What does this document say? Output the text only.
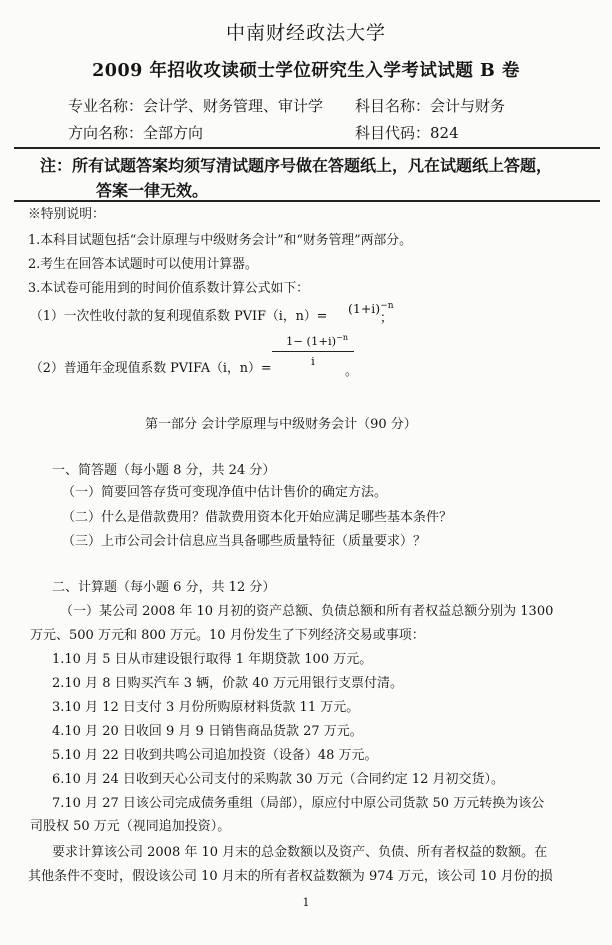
中南财经政法大学
2009 年招收攻读硕士学位研究生入学考试试题 B 卷
专业名称：会计学、财务管理、审计学 科目名称：会计与财务
方向名称：全部方向	科目代码：824
注：所有试题答案均须写清试题序号做在答题纸上，凡在试题纸上答题，
答案一律无效。
※特别说明：
1.本科目试题包括“会计原理与中级财务会计”和“财务管理”两部分。
2.考生在回答本试题时可以使用计算器。
3.本试卷可能用到的时间价值系数计算公式如下：
（1）一次性收付款的复利现值系数 PVIF（i，n）=
$(1+i)^{-n}$
；
（2）普通年金现值系数 PVIFA（i，n）=
$1- (1+i)^{-n}$
i
。
第一部分 会计学原理与中级财务会计（90 分）
一、简答题（每小题 8 分，共 24 分）
（一）简要回答存货可变现净值中估计售价的确定方法。
（二）什么是借款费用？借款费用资本化开始应满足哪些基本条件？
（三）上市公司会计信息应当具备哪些质量特征（质量要求）？
二、计算题（每小题 6 分，共 12 分）
（一）某公司 2008 年 10 月初的资产总额、负债总额和所有者权益总额分别为 1300
万元、500 万元和 800 万元。10 月份发生了下列经济交易或事项：
1.10 月 5 日从市建设银行取得 1 年期贷款 100 万元。
2.10 月 8 日购买汽车 3 辆，价款 40 万元用银行支票付清。
3.10 月 12 日支付 3 月份所购原材料货款 11 万元。
4.10 月 20 日收回 9 月 9 日销售商品货款 27 万元。
5.10 月 22 日收到共鸣公司追加投资（设备）48 万元。
6.10 月 24 日收到天心公司支付的采购款 30 万元（合同约定 12 月初交货）。
7.10 月 27 日该公司完成债务重组（局部），原应付中原公司货款 50 万元转换为该公
司股权 50 万元（视同追加投资）。
要求计算该公司 2008 年 10 月末的总金数额以及资产、负债、所有者权益的数额。在
其他条件不变时，假设该公司 10 月末的所有者权益数额为 974 万元，该公司 10 月份的损
1
